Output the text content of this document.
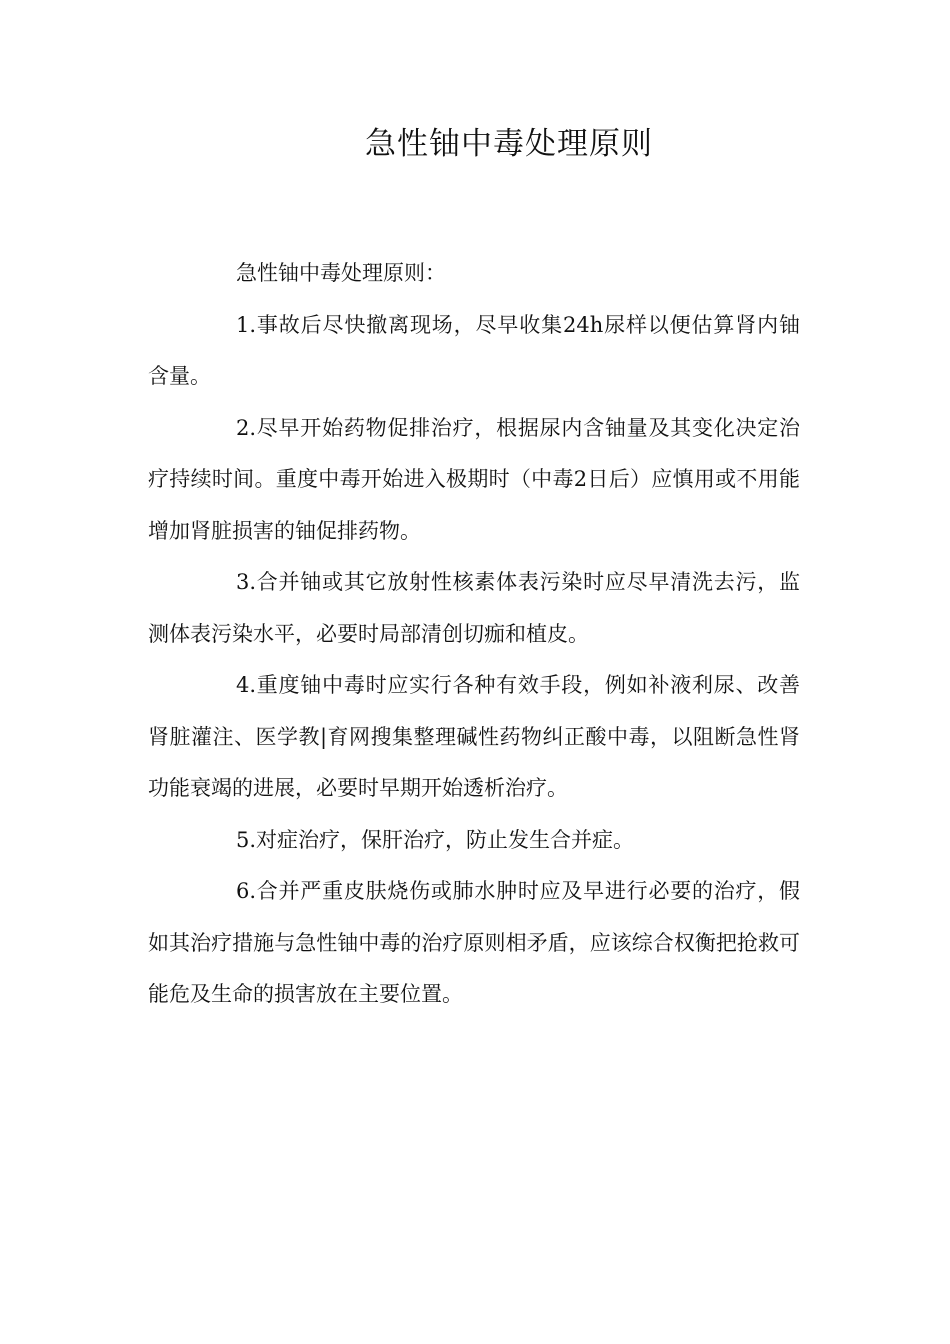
急性铀中毒处理原则

急性铀中毒处理原则：

1.事故后尽快撤离现场，尽早收集24h尿样以便估算肾内铀含量。

2.尽早开始药物促排治疗，根据尿内含铀量及其变化决定治疗持续时间。重度中毒开始进入极期时（中毒2日后）应慎用或不用能增加肾脏损害的铀促排药物。

3.合并铀或其它放射性核素体表污染时应尽早清洗去污，监测体表污染水平，必要时局部清创切痂和植皮。

4.重度铀中毒时应实行各种有效手段，例如补液利尿、改善肾脏灌注、医学教|育网搜集整理碱性药物纠正酸中毒，以阻断急性肾功能衰竭的进展，必要时早期开始透析治疗。

5.对症治疗，保肝治疗，防止发生合并症。

6.合并严重皮肤烧伤或肺水肿时应及早进行必要的治疗，假如其治疗措施与急性铀中毒的治疗原则相矛盾，应该综合权衡把抢救可能危及生命的损害放在主要位置。
